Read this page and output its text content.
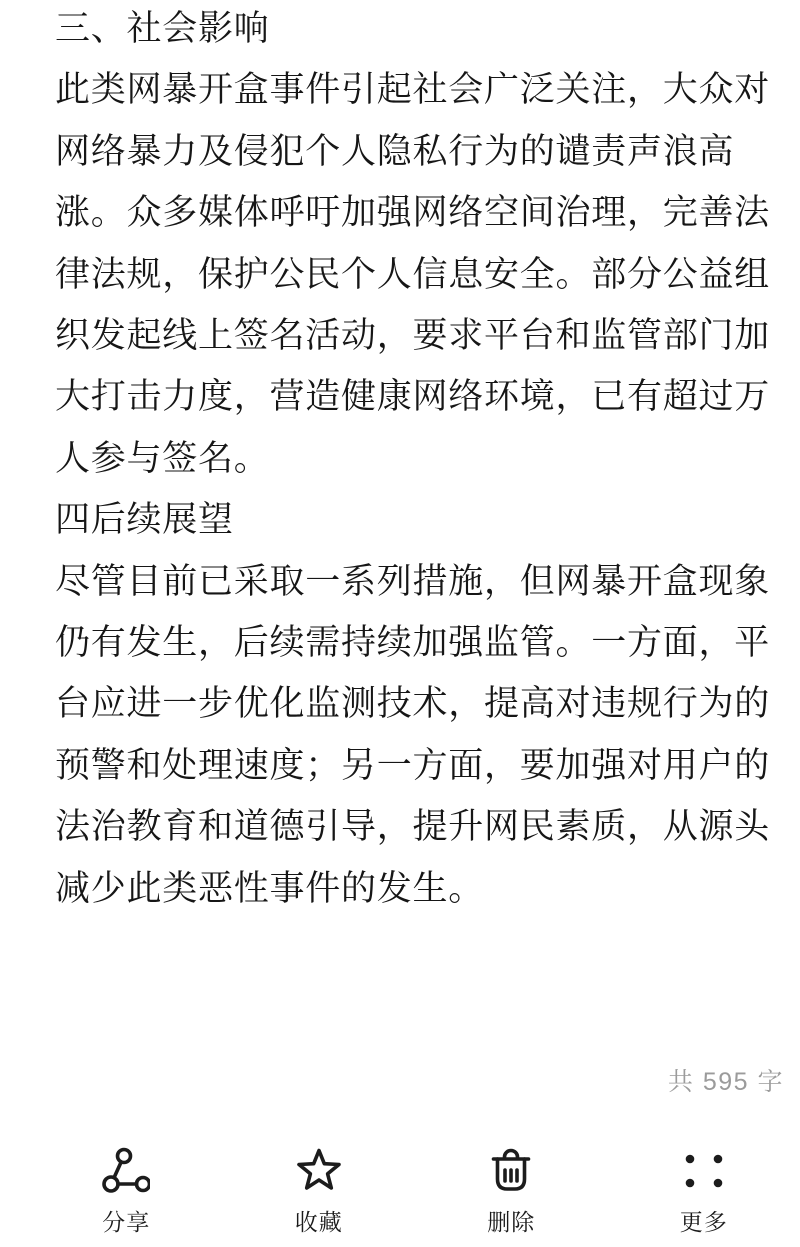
三、社会影响
此类网暴开盒事件引起社会广泛关注，大众对
网络暴力及侵犯个人隐私行为的谴责声浪高
涨。众多媒体呼吁加强网络空间治理，完善法
律法规，保护公民个人信息安全。部分公益组
织发起线上签名活动，要求平台和监管部门加
大打击力度，营造健康网络环境，已有超过万
人参与签名。
四后续展望
尽管目前已采取一系列措施，但网暴开盒现象
仍有发生，后续需持续加强监管。一方面，平
台应进一步优化监测技术，提高对违规行为的
预警和处理速度；另一方面，要加强对用户的
法治教育和道德引导，提升网民素质，从源头
减少此类恶性事件的发生。
共 595 字
分享	收藏	删除	更多
